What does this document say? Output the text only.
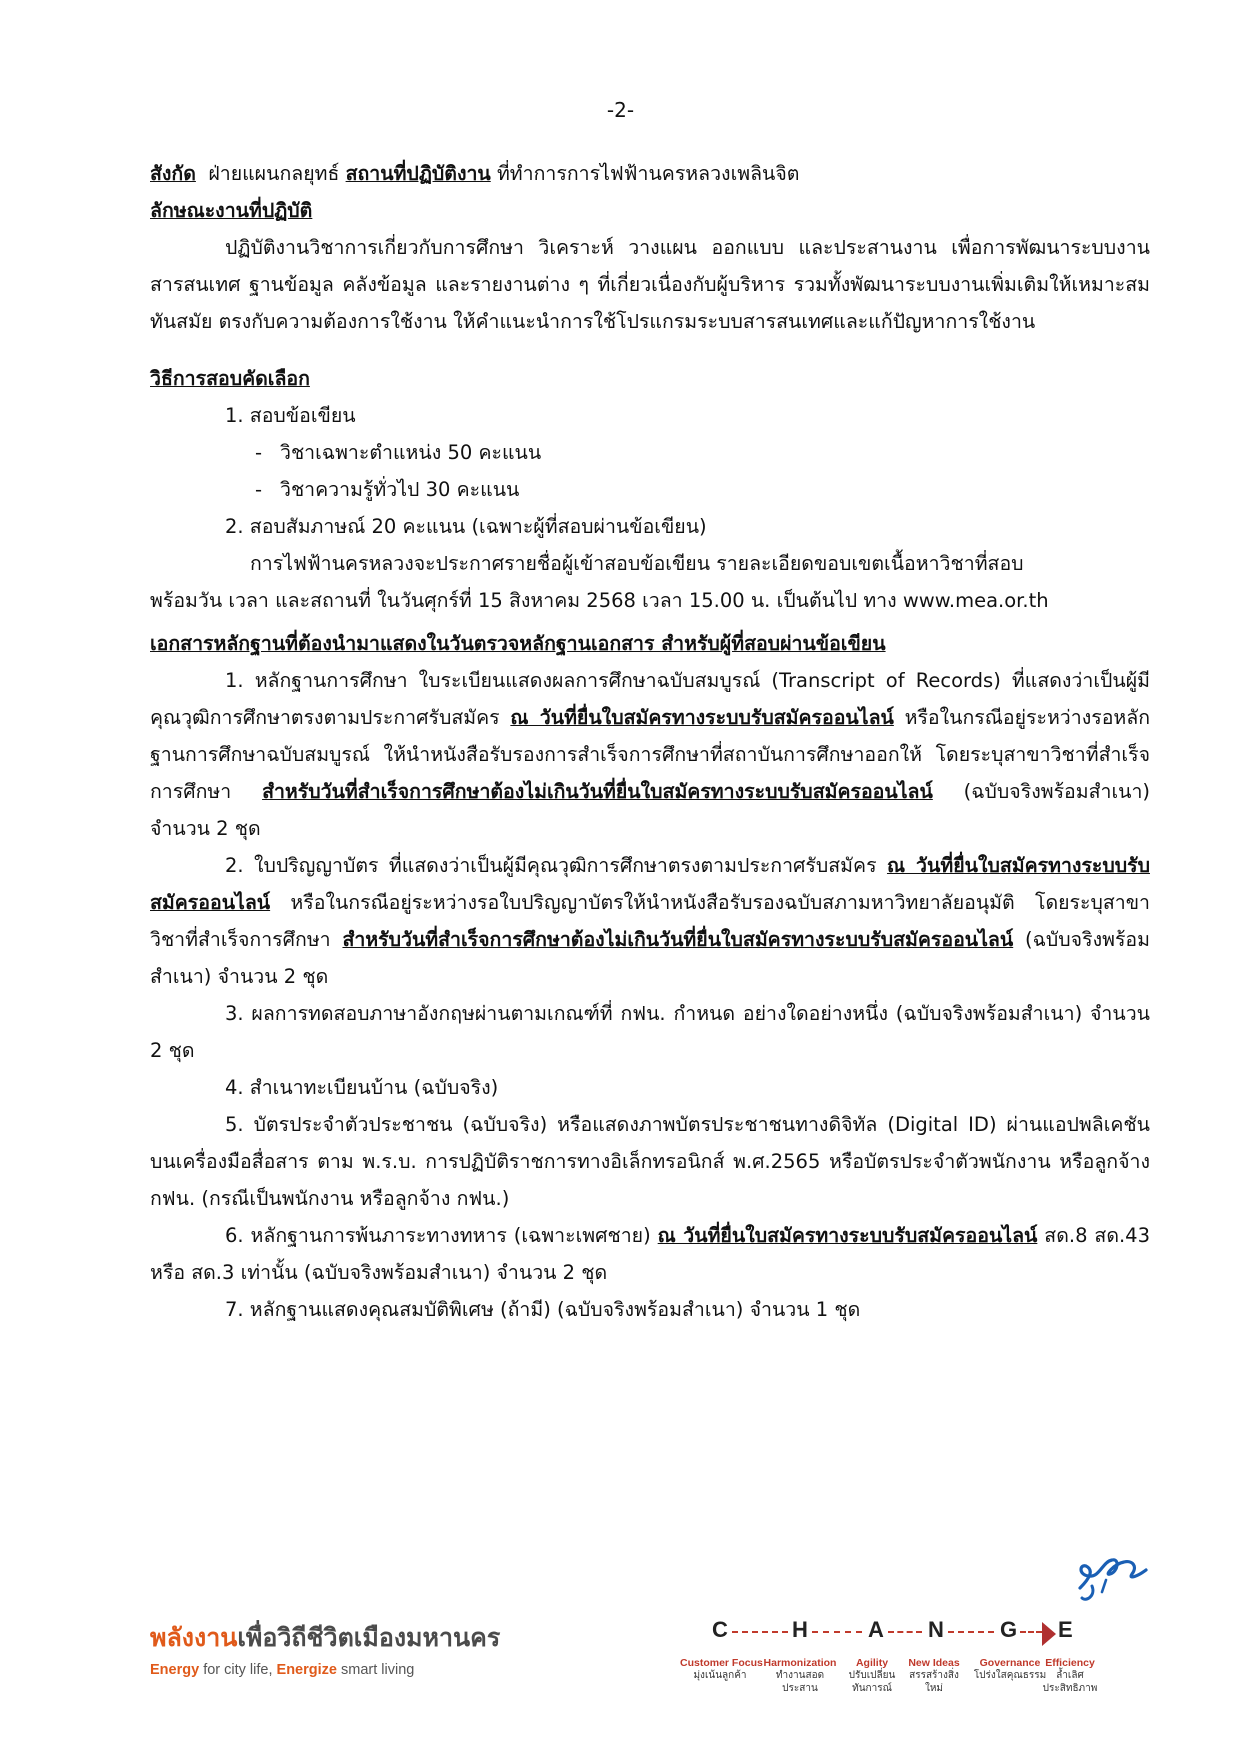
-2-

สังกัด ฝ่ายแผนกลยุทธ์ สถานที่ปฏิบัติงาน ที่ทำการการไฟฟ้านครหลวงเพลินจิต

ลักษณะงานที่ปฏิบัติ

ปฏิบัติงานวิชาการเกี่ยวกับการศึกษา วิเคราะห์ วางแผน ออกแบบ และประสานงาน เพื่อการพัฒนาระบบงานสารสนเทศ ฐานข้อมูล คลังข้อมูล และรายงานต่าง ๆ ที่เกี่ยวเนื่องกับผู้บริหาร รวมทั้งพัฒนาระบบงานเพิ่มเติมให้เหมาะสม ทันสมัย ตรงกับความต้องการใช้งาน ให้คำแนะนำการใช้โปรแกรมระบบสารสนเทศและแก้ปัญหาการใช้งาน

วิธีการสอบคัดเลือก

1. สอบข้อเขียน

- วิชาเฉพาะตำแหน่ง 50 คะแนน

- วิชาความรู้ทั่วไป 30 คะแนน

2. สอบสัมภาษณ์ 20 คะแนน (เฉพาะผู้ที่สอบผ่านข้อเขียน)

การไฟฟ้านครหลวงจะประกาศรายชื่อผู้เข้าสอบข้อเขียน รายละเอียดขอบเขตเนื้อหาวิชาที่สอบ

พร้อมวัน เวลา และสถานที่ ในวันศุกร์ที่ 15 สิงหาคม 2568 เวลา 15.00 น. เป็นต้นไป ทาง www.mea.or.th

เอกสารหลักฐานที่ต้องนำมาแสดงในวันตรวจหลักฐานเอกสาร สำหรับผู้ที่สอบผ่านข้อเขียน

1. หลักฐานการศึกษา ใบระเบียนแสดงผลการศึกษาฉบับสมบูรณ์ (Transcript of Records) ที่แสดงว่าเป็นผู้มีคุณวุฒิการศึกษาตรงตามประกาศรับสมัคร ณ วันที่ยื่นใบสมัครทางระบบรับสมัครออนไลน์ หรือในกรณีอยู่ระหว่างรอหลักฐานการศึกษาฉบับสมบูรณ์ ให้นำหนังสือรับรองการสำเร็จการศึกษาที่สถาบันการศึกษาออกให้ โดยระบุสาขาวิชาที่สำเร็จการศึกษา สำหรับวันที่สำเร็จการศึกษาต้องไม่เกินวันที่ยื่นใบสมัครทางระบบรับสมัครออนไลน์ (ฉบับจริงพร้อมสำเนา) จำนวน 2 ชุด

2. ใบปริญญาบัตร ที่แสดงว่าเป็นผู้มีคุณวุฒิการศึกษาตรงตามประกาศรับสมัคร ณ วันที่ยื่นใบสมัครทางระบบรับสมัครออนไลน์ หรือในกรณีอยู่ระหว่างรอใบปริญญาบัตรให้นำหนังสือรับรองฉบับสภามหาวิทยาลัยอนุมัติ โดยระบุสาขาวิชาที่สำเร็จการศึกษา สำหรับวันที่สำเร็จการศึกษาต้องไม่เกินวันที่ยื่นใบสมัครทางระบบรับสมัครออนไลน์ (ฉบับจริงพร้อมสำเนา) จำนวน 2 ชุด

3. ผลการทดสอบภาษาอังกฤษผ่านตามเกณฑ์ที่ กฟน. กำหนด อย่างใดอย่างหนึ่ง (ฉบับจริงพร้อมสำเนา) จำนวน 2 ชุด

4. สำเนาทะเบียนบ้าน (ฉบับจริง)

5. บัตรประจำตัวประชาชน (ฉบับจริง) หรือแสดงภาพบัตรประชาชนทางดิจิทัล (Digital ID) ผ่านแอปพลิเคชันบนเครื่องมือสื่อสาร ตาม พ.ร.บ. การปฏิบัติราชการทางอิเล็กทรอนิกส์ พ.ศ.2565 หรือบัตรประจำตัวพนักงาน หรือลูกจ้าง กฟน. (กรณีเป็นพนักงาน หรือลูกจ้าง กฟน.)

6. หลักฐานการพ้นภาระทางทหาร (เฉพาะเพศชาย) ณ วันที่ยื่นใบสมัครทางระบบรับสมัครออนไลน์ สด.8 สด.43 หรือ สด.3 เท่านั้น (ฉบับจริงพร้อมสำเนา) จำนวน 2 ชุด

7. หลักฐานแสดงคุณสมบัติพิเศษ (ถ้ามี) (ฉบับจริงพร้อมสำเนา) จำนวน 1 ชุด

พลังงานเพื่อวิถีชีวิตเมืองมหานคร
Energy for city life, Energize smart living
C	H	A N	G E
Customer Focus
มุ่งเน้นลูกค้า
Harmonization
ทำงานสอดประสาน
Agility
ปรับเปลี่ยนทันการณ์
New Ideas
สรรสร้างสิ่งใหม่
Governance
โปร่งใสคุณธรรม
Efficiency
ล้ำเลิศประสิทธิภาพ
